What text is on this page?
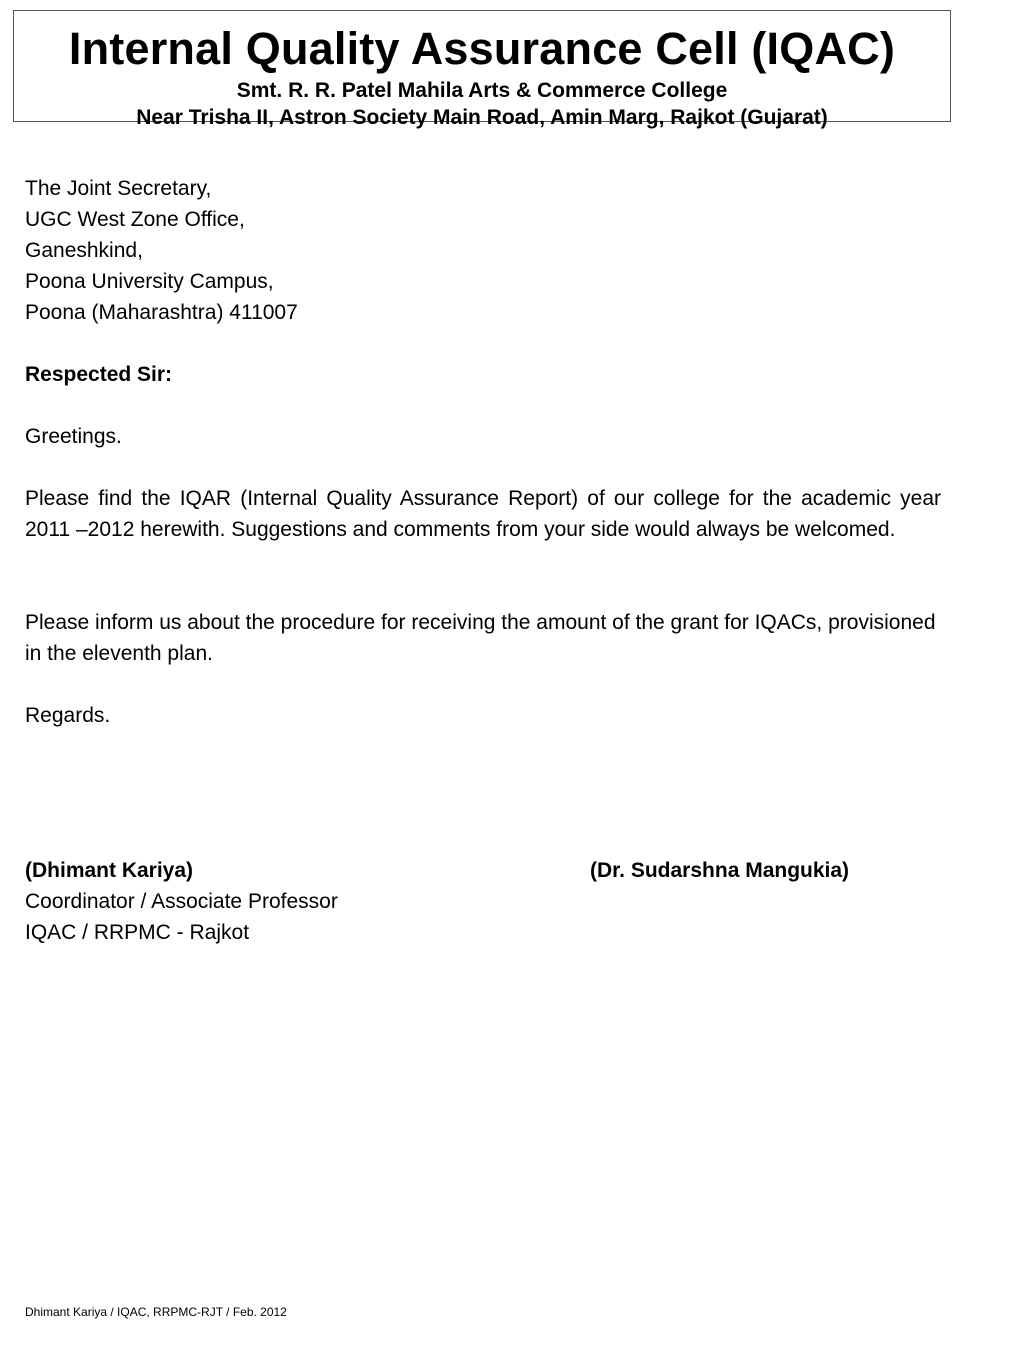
Internal Quality Assurance Cell (IQAC)
Smt. R. R. Patel Mahila Arts & Commerce College
Near Trisha II, Astron Society Main Road, Amin Marg, Rajkot (Gujarat)
The Joint Secretary,
UGC West Zone Office,
Ganeshkind,
Poona University Campus,
Poona (Maharashtra) 411007
Respected Sir:
Greetings.
Please find the IQAR (Internal Quality Assurance Report) of our college for the academic year 2011 –2012 herewith. Suggestions and comments from your side would always be welcomed.
Please inform us about the procedure for receiving the amount of the grant for IQACs, provisioned in the eleventh plan.
Regards.
(Dhimant Kariya)
Coordinator / Associate Professor
IQAC / RRPMC - Rajkot
(Dr. Sudarshna Mangukia)
Dhimant Kariya / IQAC, RRPMC-RJT / Feb. 2012
